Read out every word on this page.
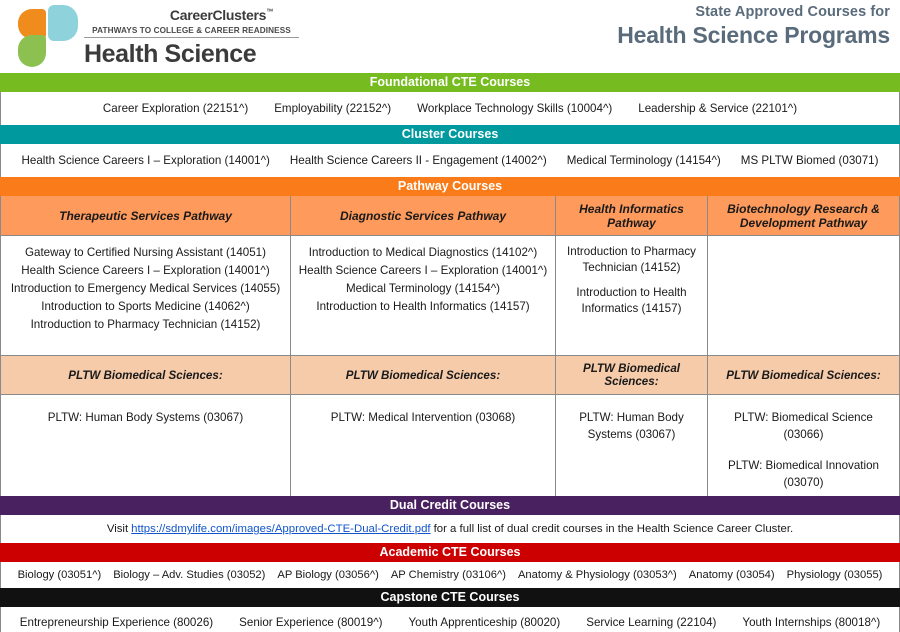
CareerClusters™
PATHWAYS TO COLLEGE & CAREER READINESS
Health Science
State Approved Courses for
Health Science Programs
Foundational CTE Courses
Career Exploration (22151^) Employability (22152^) Workplace Technology Skills (10004^) Leadership & Service (22101^)
Cluster Courses
Health Science Careers I – Exploration (14001^) Health Science Careers II - Engagement (14002^) Medical Terminology (14154^) MS PLTW Biomed (03071)
Pathway Courses
Therapeutic Services Pathway
Gateway to Certified Nursing Assistant (14051)
Health Science Careers I – Exploration (14001^)
Introduction to Emergency Medical Services (14055)
Introduction to Sports Medicine (14062^)
Introduction to Pharmacy Technician (14152)
PLTW Biomedical Sciences:
PLTW: Human Body Systems (03067)
Diagnostic Services Pathway
Introduction to Medical Diagnostics (14102^)
Health Science Careers I – Exploration (14001^)
Medical Terminology (14154^)
Introduction to Health Informatics (14157)
PLTW Biomedical Sciences:
PLTW: Medical Intervention (03068)
Health Informatics Pathway
Introduction to Pharmacy Technician (14152)
Introduction to Health Informatics (14157)
PLTW Biomedical Sciences:
PLTW: Human Body Systems (03067)
Biotechnology Research & Development Pathway
PLTW Biomedical Sciences:
PLTW: Biomedical Science (03066)
PLTW: Biomedical Innovation (03070)
Dual Credit Courses
Visit https://sdmylife.com/images/Approved-CTE-Dual-Credit.pdf for a full list of dual credit courses in the Health Science Career Cluster.
Academic CTE Courses
Biology (03051^) Biology – Adv. Studies (03052) AP Biology (03056^) AP Chemistry (03106^) Anatomy & Physiology (03053^) Anatomy (03054) Physiology (03055)
Capstone CTE Courses
Entrepreneurship Experience (80026) Senior Experience (80019^) Youth Apprenticeship (80020) Service Learning (22104) Youth Internships (80018^)
